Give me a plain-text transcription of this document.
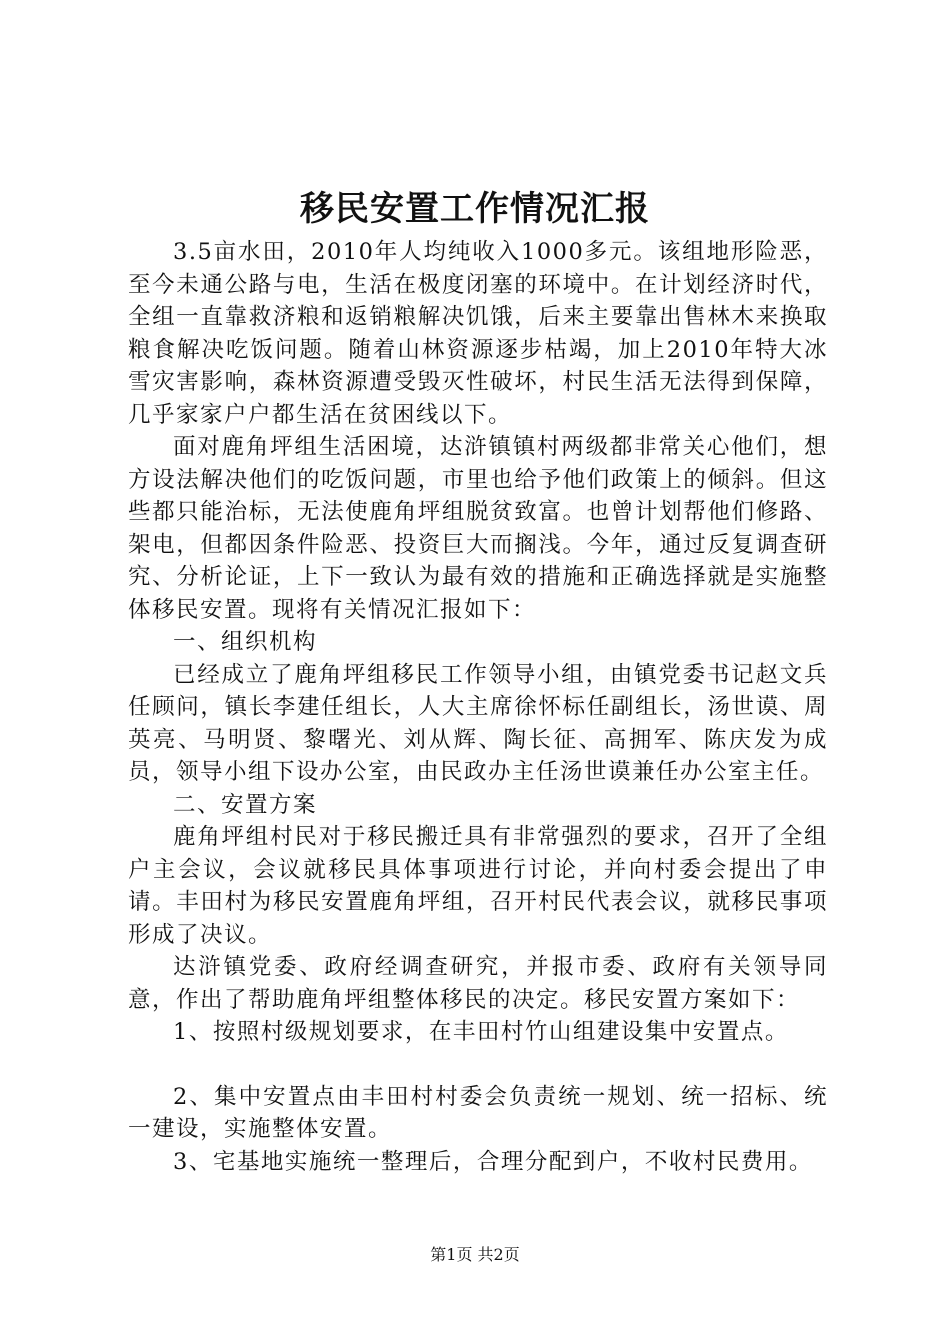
移民安置工作情况汇报

3.5亩水田，2010年人均纯收入1000多元。该组地形险恶，至今未通公路与电，生活在极度闭塞的环境中。在计划经济时代，全组一直靠救济粮和返销粮解决饥饿，后来主要靠出售林木来换取粮食解决吃饭问题。随着山林资源逐步枯竭，加上2010年特大冰雪灾害影响，森林资源遭受毁灭性破坏，村民生活无法得到保障，几乎家家户户都生活在贫困线以下。

面对鹿角坪组生活困境，达浒镇镇村两级都非常关心他们，想方设法解决他们的吃饭问题，市里也给予他们政策上的倾斜。但这些都只能治标，无法使鹿角坪组脱贫致富。也曾计划帮他们修路、架电，但都因条件险恶、投资巨大而搁浅。今年，通过反复调查研究、分析论证，上下一致认为最有效的措施和正确选择就是实施整体移民安置。现将有关情况汇报如下：

一、组织机构

已经成立了鹿角坪组移民工作领导小组，由镇党委书记赵文兵任顾问，镇长李建任组长，人大主席徐怀标任副组长，汤世谟、周英亮、马明贤、黎曙光、刘从辉、陶长征、高拥军、陈庆发为成员，领导小组下设办公室，由民政办主任汤世谟兼任办公室主任。

二、安置方案

鹿角坪组村民对于移民搬迁具有非常强烈的要求，召开了全组户主会议，会议就移民具体事项进行讨论，并向村委会提出了申请。丰田村为移民安置鹿角坪组，召开村民代表会议，就移民事项形成了决议。

达浒镇党委、政府经调查研究，并报市委、政府有关领导同意，作出了帮助鹿角坪组整体移民的决定。移民安置方案如下：

1、按照村级规划要求，在丰田村竹山组建设集中安置点。

2、集中安置点由丰田村村委会负责统一规划、统一招标、统一建设，实施整体安置。

3、宅基地实施统一整理后，合理分配到户，不收村民费用。

第1页 共2页
